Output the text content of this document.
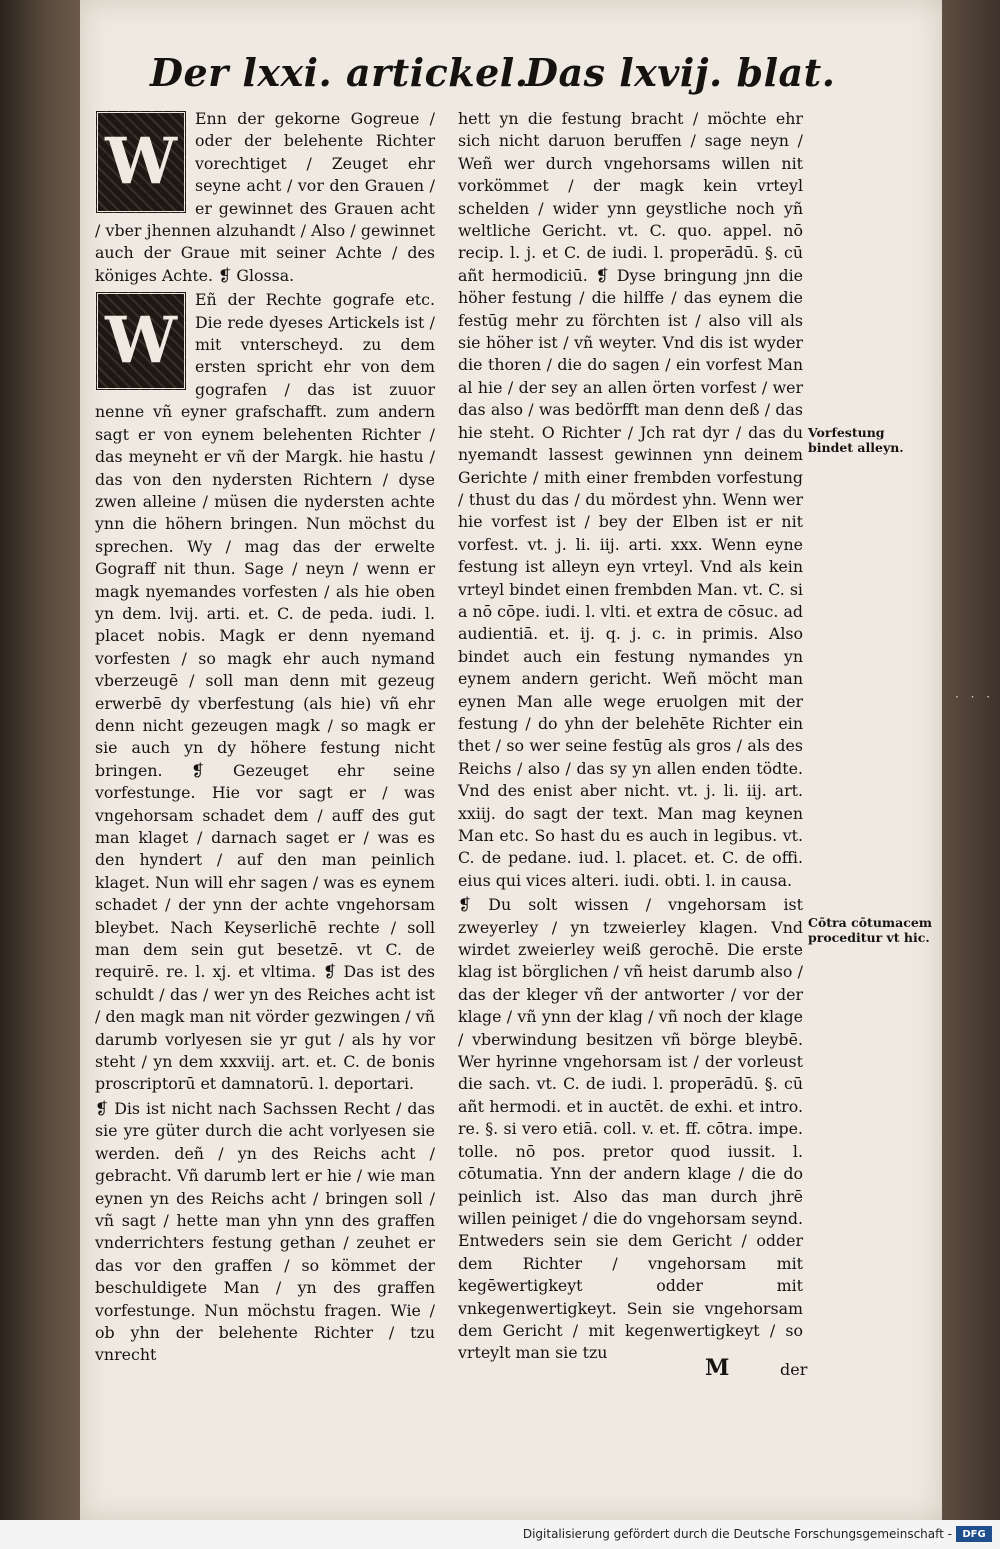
Der lxxi. artickel.
Das lxvij. blat.

W
Enn der gekorne Gogreue / oder der belehente Richter vorechtiget / Zeuget ehr seyne acht / vor den Grauen / er gewinnet des Grauen acht / vber jhennen alzuhandt / Also / gewinnet auch der Graue mit seiner Achte / des königes Achte. ❡ Glossa.

W
Eñ der Rechte gografe etc. Die rede dyeses Artickels ist / mit vnterscheyd. zu dem ersten spricht ehr von dem gografen / das ist zuuor nenne vñ eyner grafschafft. zum andern sagt er von eynem belehenten Richter / das meyneht er vñ der Margk. hie hastu / das von den nydersten Richtern / dyse zwen alleine / müsen die nydersten achte ynn die höhern bringen. Nun möchst du sprechen. Wy / mag das der erwelte Gograff nit thun. Sage / neyn / wenn er magk nyemandes vorfesten / als hie oben yn dem. lvij. arti. et. C. de peda. iudi. l. placet nobis. Magk er denn nyemand vorfesten / so magk ehr auch nymand vberzeugē / soll man denn mit gezeug erwerbē dy vberfestung (als hie) vñ ehr denn nicht gezeugen magk / so magk er sie auch yn dy höhere festung nicht bringen. ❡ Gezeuget ehr seine vorfestunge. Hie vor sagt er / was vngehorsam schadet dem / auff des gut man klaget / darnach saget er / was es den hyndert / auf den man peinlich klaget. Nun will ehr sagen / was es eynem schadet / der ynn der achte vngehorsam bleybet. Nach Keyserlichē rechte / soll man dem sein gut besetzē. vt C. de requirē. re. l. xj. et vltima. ❡ Das ist des schuldt / das / wer yn des Reiches acht ist / den magk man nit vörder gezwingen / vñ darumb vorlyesen sie yr gut / als hy vor steht / yn dem xxxviij. art. et. C. de bonis proscriptorū et damnatorū. l. deportari.

❡ Dis ist nicht nach Sachssen Recht / das sie yre güter durch die acht vorlyesen sie werden. deñ / yn des Reichs acht / gebracht. Vñ darumb lert er hie / wie man eynen yn des Reichs acht / bringen soll / vñ sagt / hette man yhn ynn des graffen vnderrichters festung gethan / zeuhet er das vor den graffen / so kömmet der beschuldigete Man / yn des graffen vorfestunge. Nun möchstu fragen. Wie / ob yhn der belehente Richter / tzu vnrecht

hett yn die festung bracht / möchte ehr sich nicht daruon beruffen / sage neyn / Weñ wer durch vngehorsams willen nit vorkömmet / der magk kein vrteyl schelden / wider ynn geystliche noch yñ weltliche Gericht. vt. C. quo. appel. nō recip. l. j. et C. de iudi. l. properādū. §. cū añt hermodiciū. ❡ Dyse bringung jnn die höher festung / die hilffe / das eynem die festūg mehr zu förchten ist / also vill als sie höher ist / vñ weyter. Vnd dis ist wyder die thoren / die do sagen / ein vorfest Man al hie / der sey an allen örten vorfest / wer das also / was bedörfft man denn deß / das hie steht. O Richter / Jch rat dyr / das du nyemandt lassest gewinnen ynn deinem Gerichte / mith einer frembden vorfestung / thust du das / du mördest yhn. Wenn wer hie vorfest ist / bey der Elben ist er nit vorfest. vt. j. li. iij. arti. xxx. Wenn eyne festung ist alleyn eyn vrteyl. Vnd als kein vrteyl bindet einen frembden Man. vt. C. si a nō cōpe. iudi. l. vlti. et extra de cōsuc. ad audientiā. et. ij. q. j. c. in primis. Also bindet auch ein festung nymandes yn eynem andern gericht. Weñ möcht man eynen Man alle wege eruolgen mit der festung / do yhn der belehēte Richter ein thet / so wer seine festūg als gros / als des Reichs / also / das sy yn allen enden tödte. Vnd des enist aber nicht. vt. j. li. iij. art. xxiij. do sagt der text. Man mag keynen Man etc. So hast du es auch in legibus. vt. C. de pedane. iud. l. placet. et. C. de offi. eius qui vices alteri. iudi. obti. l. in causa.

❡ Du solt wissen / vngehorsam ist zweyerley / yn tzweierley klagen. Vnd wirdet zweierley weiß gerochē. Die erste klag ist börglichen / vñ heist darumb also / das der kleger vñ der antworter / vor der klage / vñ ynn der klag / vñ noch der klage / vberwindung besitzen vñ börge bleybē. Wer hyrinne vngehorsam ist / der vorleust die sach. vt. C. de iudi. l. properādū. §. cū añt hermodi. et in auctēt. de exhi. et intro. re. §. si vero etiā. coll. v. et. ff. cōtra. impe. tolle. nō pos. pretor quod iussit. l. cōtumatia. Ynn der andern klage / die do peinlich ist. Also das man durch jhrē willen peiniget / die do vngehorsam seynd. Entweders sein sie dem Gericht / odder dem Richter / vngehorsam mit kegēwertigkeyt odder mit vnkegenwertigkeyt. Sein sie vngehorsam dem Gericht / mit kegenwertigkeyt / so vrteylt man sie tzu

Vorfestung bindet alleyn.
Cōtra cōtumacem proceditur vt hic.
M	der
· · ·
Digitalisierung gefördert durch die Deutsche Forschungsgemeinschaft -	DFG
